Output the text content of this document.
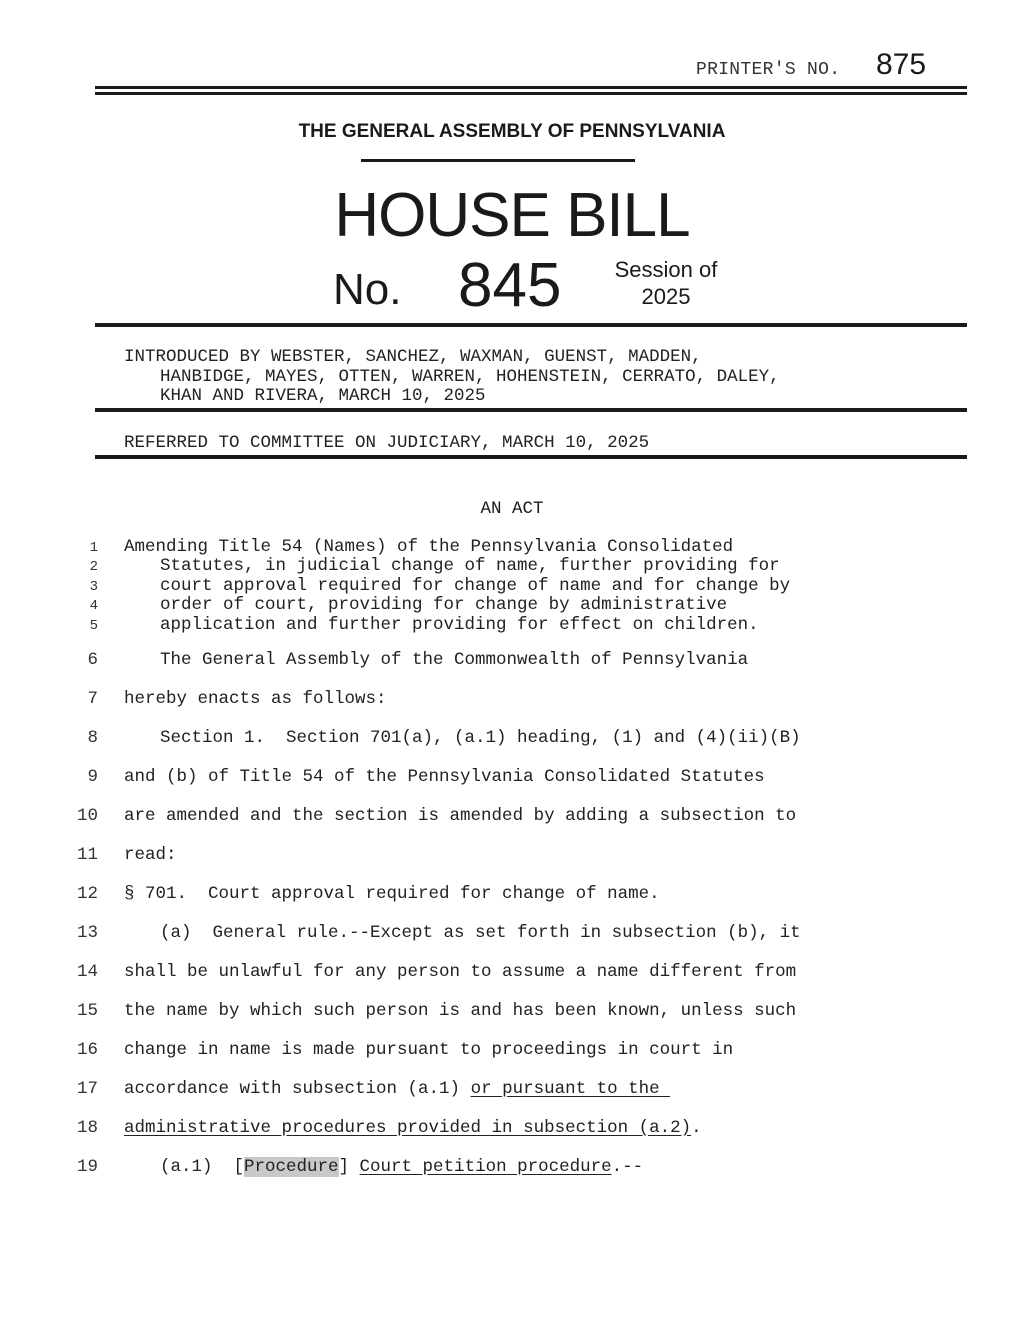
PRINTER'S NO. 875
THE GENERAL ASSEMBLY OF PENNSYLVANIA
HOUSE BILL
No. 845	Session of
2025
INTRODUCED BY WEBSTER, SANCHEZ, WAXMAN, GUENST, MADDEN,
HANBIDGE, MAYES, OTTEN, WARREN, HOHENSTEIN, CERRATO, DALEY,
KHAN AND RIVERA, MARCH 10, 2025
REFERRED TO COMMITTEE ON JUDICIARY, MARCH 10, 2025
AN ACT
1 Amending Title 54 (Names) of the Pennsylvania Consolidated
2	Statutes, in judicial change of name, further providing for
3	court approval required for change of name and for change by
4	order of court, providing for change by administrative
5	application and further providing for effect on children.
6	The General Assembly of the Commonwealth of Pennsylvania
7 hereby enacts as follows:
8	Section 1.  Section 701(a), (a.1) heading, (1) and (4)(ii)(B)
9 and (b) of Title 54 of the Pennsylvania Consolidated Statutes
10 are amended and the section is amended by adding a subsection to
11 read:
12 § 701.  Court approval required for change of name.
13	(a)  General rule.--Except as set forth in subsection (b), it
14 shall be unlawful for any person to assume a name different from
15 the name by which such person is and has been known, unless such
16 change in name is made pursuant to proceedings in court in
17 accordance with subsection (a.1) or pursuant to the
18 administrative procedures provided in subsection (a.2).
19	(a.1)  [Procedure] Court petition procedure.--
